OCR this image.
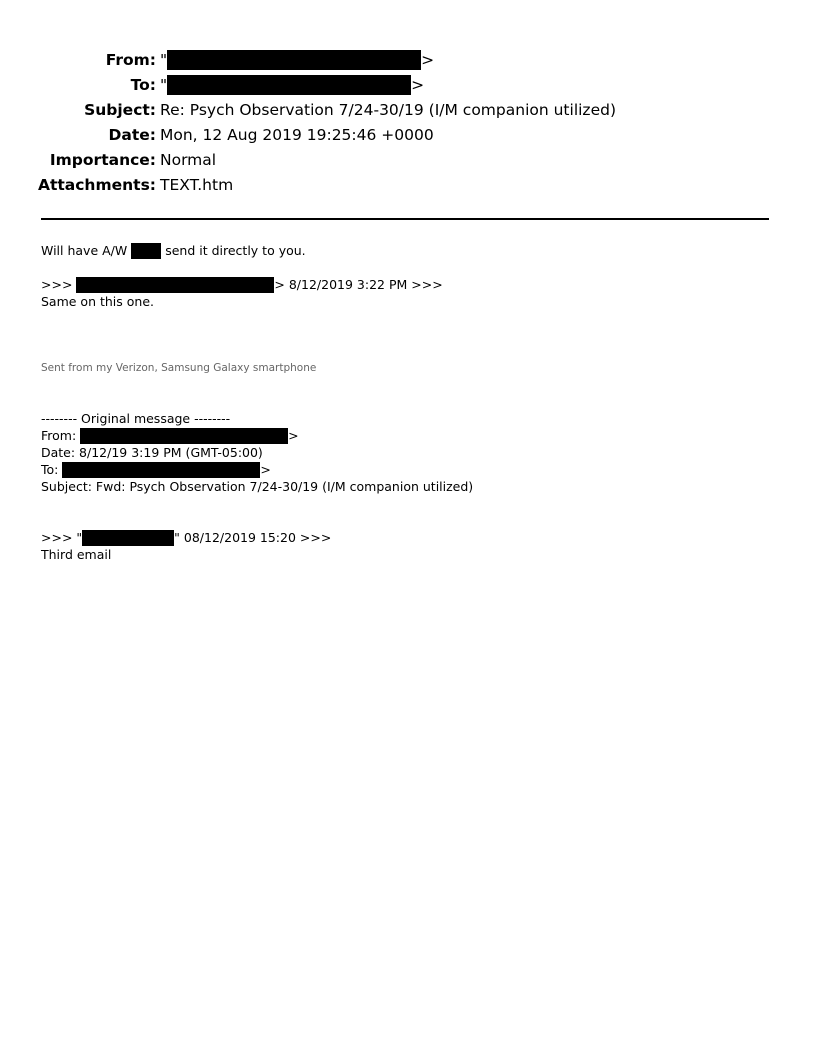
From: "	>
To: "	>
Subject: Re: Psych Observation 7/24-30/19 (I/M companion utilized)
Date: Mon, 12 Aug 2019 19:25:46 +0000
Importance: Normal
Attachments: TEXT.htm
Will have A/W	send it directly to you.
>>>	> 8/12/2019 3:22 PM >>>
Same on this one.
Sent from my Verizon, Samsung Galaxy smartphone
-------- Original message --------
From:	>
Date: 8/12/19 3:19 PM (GMT-05:00)
To:	>
Subject: Fwd: Psych Observation 7/24-30/19 (I/M companion utilized)
>>> "	" 08/12/2019 15:20 >>>
Third email
